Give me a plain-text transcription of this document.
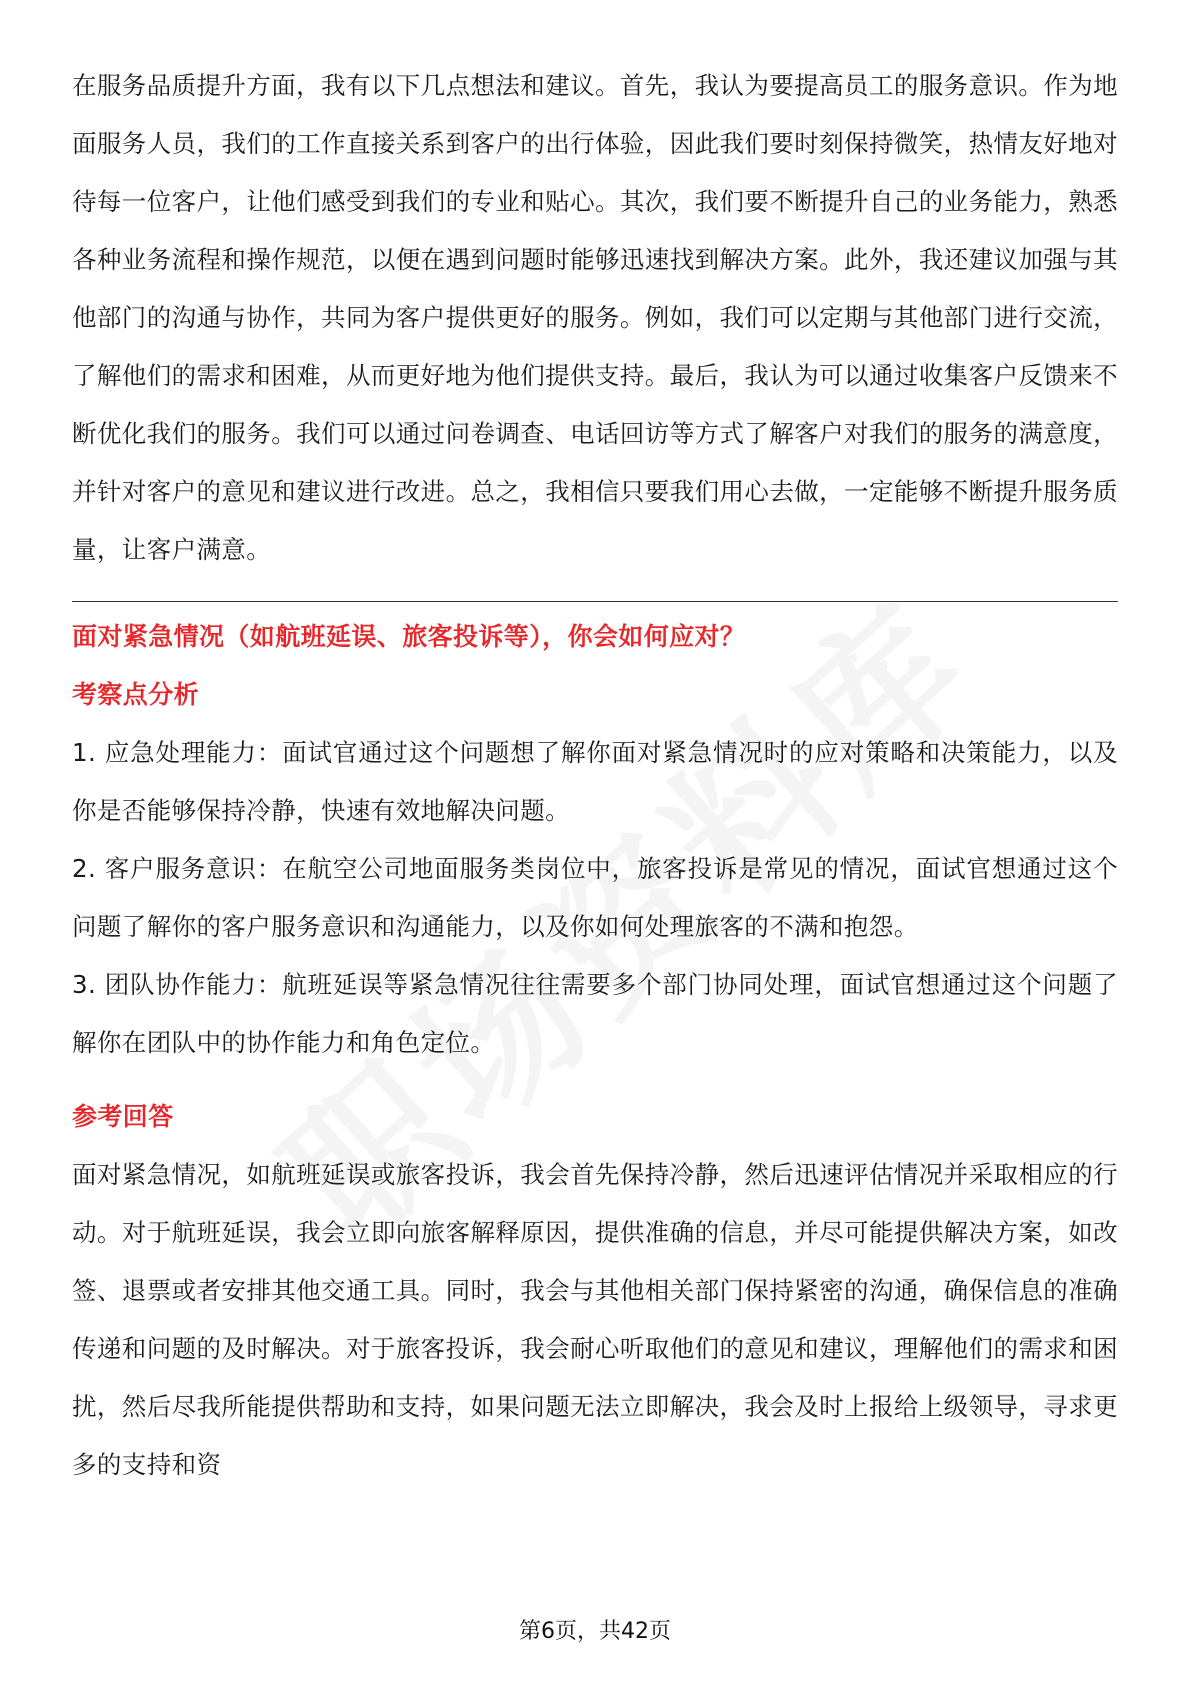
在服务品质提升方面，我有以下几点想法和建议。首先，我认为要提高员工的服务意识。作为地面服务人员，我们的工作直接关系到客户的出行体验，因此我们要时刻保持微笑，热情友好地对待每一位客户，让他们感受到我们的专业和贴心。其次，我们要不断提升自己的业务能力，熟悉各种业务流程和操作规范，以便在遇到问题时能够迅速找到解决方案。此外，我还建议加强与其他部门的沟通与协作，共同为客户提供更好的服务。例如，我们可以定期与其他部门进行交流，了解他们的需求和困难，从而更好地为他们提供支持。最后，我认为可以通过收集客户反馈来不断优化我们的服务。我们可以通过问卷调查、电话回访等方式了解客户对我们的服务的满意度，并针对客户的意见和建议进行改进。总之，我相信只要我们用心去做，一定能够不断提升服务质量，让客户满意。

面对紧急情况（如航班延误、旅客投诉等），你会如何应对？

考察点分析

1. 应急处理能力：面试官通过这个问题想了解你面对紧急情况时的应对策略和决策能力，以及你是否能够保持冷静，快速有效地解决问题。

2. 客户服务意识：在航空公司地面服务类岗位中，旅客投诉是常见的情况，面试官想通过这个问题了解你的客户服务意识和沟通能力，以及你如何处理旅客的不满和抱怨。

3. 团队协作能力：航班延误等紧急情况往往需要多个部门协同处理，面试官想通过这个问题了解你在团队中的协作能力和角色定位。

参考回答

面对紧急情况，如航班延误或旅客投诉，我会首先保持冷静，然后迅速评估情况并采取相应的行动。对于航班延误，我会立即向旅客解释原因，提供准确的信息，并尽可能提供解决方案，如改签、退票或者安排其他交通工具。同时，我会与其他相关部门保持紧密的沟通，确保信息的准确传递和问题的及时解决。对于旅客投诉，我会耐心听取他们的意见和建议，理解他们的需求和困扰，然后尽我所能提供帮助和支持，如果问题无法立即解决，我会及时上报给上级领导，寻求更多的支持和资

第6页，共42页
